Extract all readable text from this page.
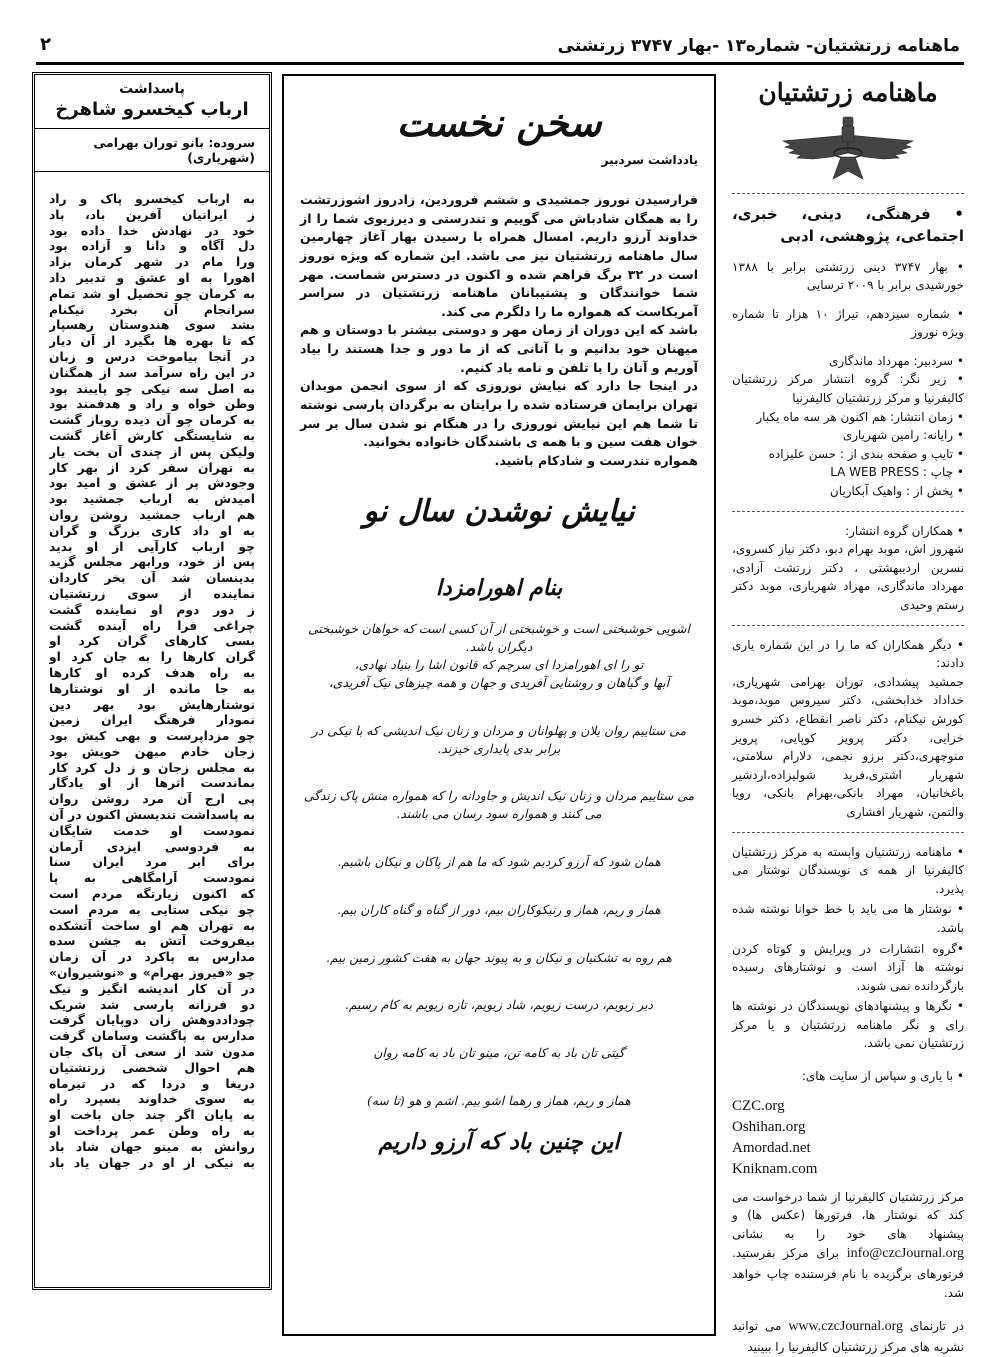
ماهنامه زرتشتیان- شماره۱۳ -بهار ۳۷۴۷ زرتشتی
۲
ماهنامه زرتشتیان

• فرهنگی، دینی، خبری، اجتماعی، پژوهشی، ادبی

• بهار ۳۷۴۷ دینی زرتشتی برابر با ۱۳۸۸ خورشیدی برابر با ۲۰۰۹ ترسایی

• شماره سیزدهم، تیراژ ۱۰ هزار تا شماره ویژه نوروز

• سردبیر: مهرداد ماندگاری

• زیر نگر: گروه انتشار مرکز زرتشتیان کالیفرنیا و مرکز زرتشتیان کالیفرنیا

• زمان انتشار: هم اکنون هر سه ماه یکبار

• رایانه: رامین شهریاری

• تایپ و صفحه بندی از : حسن علیزاده

• چاپ : LA WEB PRESS

• پخش از : واهیک آبکاریان

• همکاران گروه انتشار:

شهروز اش، موبد بهرام دبو، دکتر نیاز کسروی، نسرین اردیبهشتی ، دکتر زرتشت آزادی، مهرداد ماندگاری، مهزاد شهریاری، موبد دکتر رستم وحیدی

• دیگر همکاران که ما را در این شماره یاری دادند:

جمشید پیشدادی، توران بهرامی شهریاری، خداداد خدابخشی، دکتر سیروس موبد،موبد کورش نیکنام، دکتر ناصر انقطاع، دکتر خسرو خزایی، دکتر پرویز کوپایی، پرویز منوچهری،دکتر برزو نجمی، دلارام سلامتی، شهریار اشتری،فرید شولیزاده،اردشیر باغخانیان، مهراد بانکی،بهرام بانکی، رویا والتمن، شهریار افشاری

• ماهنامه زرتشتیان وابسته به مرکز زرتشتیان کالیفرنیا از همه ی نویسندگان نوشتار می پذیرد.

• نوشتار ها می باید با خط خوانا نوشته شده باشد.

•گروه انتشارات در ویرایش و کوتاه کردن نوشته ها آزاد است و نوشتارهای رسیده بازگردانده نمی شوند.

• نگرها و پیشنهادهای نویسندگان در نوشته ها رای و نگر ماهنامه زرتشتیان و یا مرکز زرتشتیان نمی باشد.

• با یاری و سپاس از سایت های:

CZC.org
Oshihan.org
Amordad.net
Kniknam.com

مرکز زرتشتیان کالیفرنیا از شما درخواست می کند که نوشتار ها، فرتورها (عکس ها) و پیشنهاد های خود را به نشانی info@czcJournal.org برای مرکز بفرستید. فرتورهای برگزیده با نام فرستنده چاپ خواهد شد.

در تارنمای www.czcJournal.org می توانید نشریه های مرکز زرتشتیان کالیفرنیا را ببینید

سخن نخست
یادداشت سردبیر

فرارسیدن نوروز جمشیدی و ششم فروردین، زادروز اشوزرتشت را به همگان شادباش می گوییم و تندرستی و دیرزیوی شما را از خداوند آرزو داریم. امسال همراه با رسیدن بهار آغاز چهارمین سال ماهنامه زرتشتیان نیز می باشد. این شماره که ویژه نوروز است در ۳۲ برگ فراهم شده و اکنون در دسترس شماست. مهر شما خوانندگان و پشتیبانان ماهنامه زرتشتیان در سراسر آمریکاست که همواره ما را دلگرم می کند.

باشد که این دوران از زمان مهر و دوستی بیشتر با دوستان و هم میهنان خود بدانیم و با آنانی که از ما دور و جدا هستند را بیاد آوریم و آنان را با تلفن و نامه یاد کنیم.

در اینجا جا دارد که نیایش نوروزی که از سوی انجمن موبدان تهران برایمان فرستاده شده را برایتان به برگردان پارسی نوشته تا شما هم این نیایش نوروزی را در هنگام نو شدن سال بر سر خوان هفت سین و با همه ی باشندگان خانواده بخوانید.

همواره تندرست و شادکام باشید.

نیایش نوشدن سال نو
بنام اهورامزدا

اشویی خوشبختی است و خوشبختی از آن کسی است که خواهان خوشبختی دیگران باشد.

تو را ای اهورامزدا ای سرچم که قانون اشا را بنیاد نهادی،

آبها و گیاهان و روشنایی آفریدی و جهان و همه چیزهای نیک آفریدی،

می ستاییم روان یلان و پهلوانان و مردان و زنان نیک اندیشی که با نیکی در برابر بدی پایداری خیزند.

می ستاییم مردان و زنان نیک اندیش و جاودانه را که همواره منش پاک زندگی می کنند و همواره سود رسان می باشند.

همان شود که آرزو کردیم شود که ما هم از پاکان و نیکان باشیم.

هماز و ریم، هماز و رنیکوکاران بیم، دور از گناه و گناه کاران بیم.

هم روه به تشکنیان و نیکان و به پیوند جهان به هفت کشور زمین بیم.

دیر زیویم، درست زیویم، شاد زیویم، تازه زیویم به کام رسیم.

گیتی تان باد به کامه تن، مینو تان باد به کامه روان

هماز و ریم، هماز و رهما اشو بیم. اشم و هو (تا سه)

این چنین باد که آرزو داریم
پاسداشت
ارباب کیخسرو شاهرخ
سروده: بانو توران بهرامی (شهریاری)
به ارباب کیخسرو پاک و راد
ز ایرانیان آفرین باد، باد
خود در نهادش خدا داده بود
دل آگاه و دانا و آزاده بود
ورا مام در شهر کرمان بزاد
اهورا به او عشق و تدبیر داد
به کرمان چو تحصیل او شد تمام
سرانجام آن بخرد نیکنام
بشد سوی هندوستان رهسپار
که تا بهره ها بگیرد از آن دیار
در آنجا بیاموخت درس و زبان
در این راه سرآمد سد از همگنان
به اصل سه نیکی چو پایبند بود
وطن خواه و راد و هدفمند بود
به کرمان چو آن دیده روباز گشت
به شایستگی کارش آغاز گشت
ولیکن پس از چندی آن بخت یار
به تهران سفر کرد از بهر کار
وجودش پر از عشق و امید بود
امیدش به ارباب جمشید بود
هم ارباب جمشید روشن روان
به او داد کاری بزرگ و گران
چو ارباب کارآیی از او بدید
پس از خود، ورابهر مجلس گزید
بدینسان شد آن بخر کاردان
نماینده از سوی زرتشتیان
ز دور دوم او نماینده گشت
چراغی فرا راه آینده گشت
بسی کارهای گران کرد او
گران کارها را به جان کرد او
به راه هدف کرده او کارها
به جا مانده از او نوشتارها
نوشتارهایش بود بهر دین
نمودار فرهنگ ایران زمین
چو مزداپرست و بهی کیش بود
زجان خادم میهن خویش بود
به مجلس زجان و ز دل کرد کار
بماندست اثرها از او یادگار
پی ارج آن مرد روشن روان
به پاسداشت تندیسش اکنون در آن
نمودست او خدمت شایگان
به فردوسی ایزدی آرمان
برای ابر مرد ایران سنا
نمودست آرامگاهی به پا
که اکنون زیارتگه مردم است
چو نیکی ستایی به مردم است
به تهران هم او ساخت آتشکده
بیفروخت آتش به جشن سده
مدارس به پاکرد در آن زمان
چو «فیروز بهرام» و «نوشیروان»
در آن کار اندیشه انگیز و نیک
دو فرزانه پارسی شد شریک
چوداددوهش زان دوپایان گرفت
مدارس به پاگشت وسامان گرفت
مدون شد از سعی آن پاک جان
هم احوال شخصی زرتشتیان
دریغا و دردا که در تیرماه
به سوی خداوند بسپرد راه
به پایان اگر چند جان باخت او
به راه وطن عمر پرداخت او
روانش به مینو جهان شاد باد
به نیکی از او در جهان یاد باد
